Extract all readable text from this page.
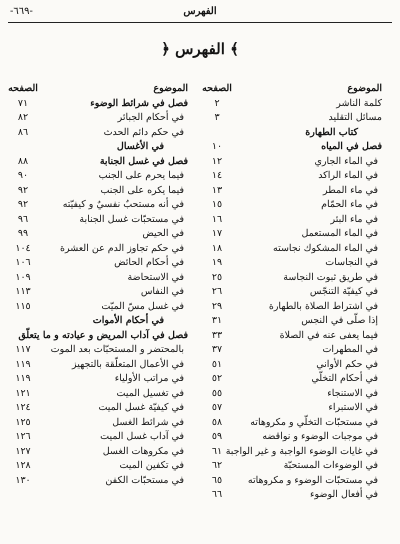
-٦٦٩-	الفهرس
﴿ الفهرس ﴾
الموضوع
الصفحه
كلمة الناشر
٢
مسائل التقليد
٣
كتاب الطهارة
فصل في المياه
١٠
في الماء الجاري
١٢
في الماء الراكد
١٤
في ماء المطر
١٣
في ماء الحمّام
١٥
في ماء البئر
١٦
في الماء المستعمل
١٧
في الماء المشكوك نجاسته
١٨
في النجاسات
١٩
في طريق ثبوت النجاسة
٢٥
في كيفيّة التنجّس
٢٦
في اشتراط الصلاة بالطهارة
٢٩
إذا صلّى في النجس
٣١
فيما يعفى عنه في الصلاة
٣٣
في المطهرات
٣٧
في حكم الأواني
٥١
في أحكام التخلّي
٥٢
في الاستنجاء
٥٥
في الاستبراء
٥٧
في مستحبّات التخلّي و مكروهاته
٥٨
في موجبات الوضوء و نواقضه
٥٩
في غايات الوضوء الواجبة و غير الواجبة
٦١
في الوضوءات المستحبّة
٦٢
في مستحبّات الوضوء و مكروهاته
٦٥
في أفعال الوضوء
٦٦
الموضوع
الصفحه
فصل في شرائط الوضوء
٧١
في أحكام الجبائر
٨٢
في حكم دائم الحدث
٨٦
في الأغسال
فصل في غسل الجنابة
٨٨
فيما يحرم على الجنب
٩٠
فيما يكره على الجنب
٩٢
في أنه مستحبٌ نفسيٌ و كيفيّته
٩٢
في مستحبّات غسل الجنابة
٩٦
في الحيض
٩٩
في حكم تجاوز الدم عن العشرة
١٠٤
في أحكام الحائض
١٠٦
في الاستحاضة
١٠٩
في النفاس
١١٣
في غسل مسّ الميّت
١١٥
في أحكام الأموات
فصل في آداب المريض و عيادته و ما يتعلّق
بالمحتضر و المستحبّات بعد الموت
١١٧
في الأعمال المتعلّقة بالتجهيز
١١٩
في مراتب الأولياء
١١٩
في تغسيل الميت
١٢١
في كيفيّة غسل الميت
١٢٤
في شرائط الغسل
١٢٥
في آداب غسل الميت
١٢٦
في مكروهات الغسل
١٢٧
في تكفين الميت
١٢٨
في مستحبّات الكفن
١٣٠
